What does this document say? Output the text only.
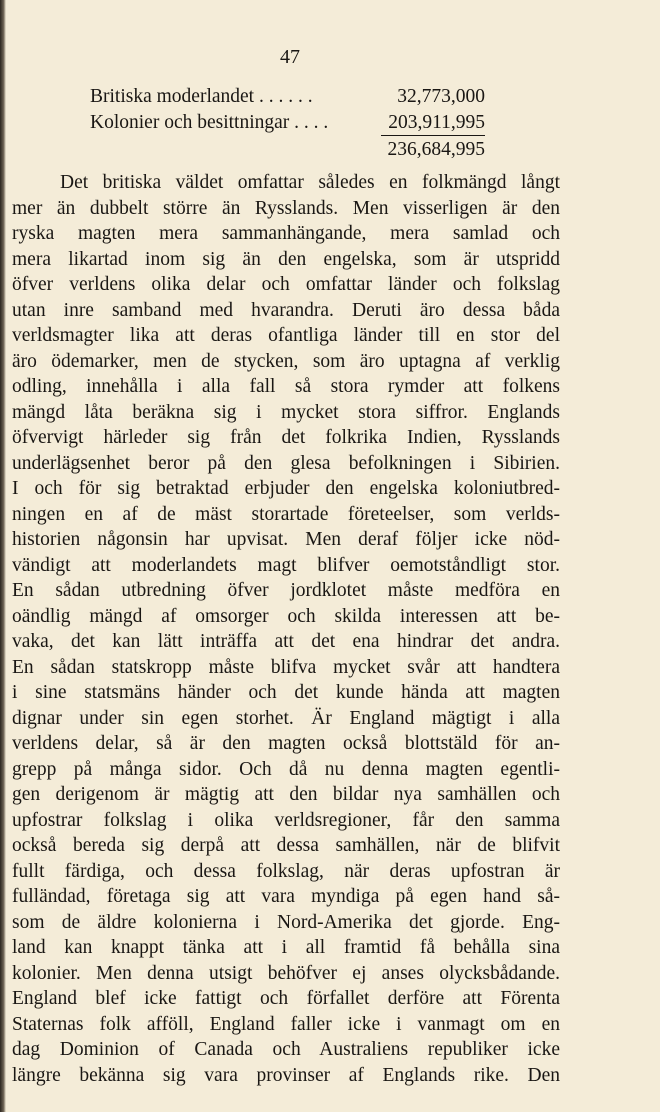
47
Britiska moderlandet . . . . . .	32,773,000
Kolonier och besittningar . . . .	203,911,995
236,684,995
Det britiska väldet omfattar således en folkmängd långt
mer än dubbelt större än Rysslands. Men visserligen är den
ryska magten mera sammanhängande, mera samlad och
mera likartad inom sig än den engelska, som är utspridd
öfver verldens olika delar och omfattar länder och folkslag
utan inre samband med hvarandra. Deruti äro dessa båda
verldsmagter lika att deras ofantliga länder till en stor del
äro ödemarker, men de stycken, som äro uptagna af verklig
odling, innehålla i alla fall så stora rymder att folkens
mängd låta beräkna sig i mycket stora siffror. Englands
öfvervigt härleder sig från det folkrika Indien, Rysslands
underlägsenhet beror på den glesa befolkningen i Sibirien.
I och för sig betraktad erbjuder den engelska koloniutbred-
ningen en af de mäst storartade företeelser, som verlds-
historien någonsin har upvisat. Men deraf följer icke nöd-
vändigt att moderlandets magt blifver oemotståndligt stor.
En sådan utbredning öfver jordklotet måste medföra en
oändlig mängd af omsorger och skilda interessen att be-
vaka, det kan lätt inträffa att det ena hindrar det andra.
En sådan statskropp måste blifva mycket svår att handtera
i sine statsmäns händer och det kunde hända att magten
dignar under sin egen storhet. Är England mägtigt i alla
verldens delar, så är den magten också blottstäld för an-
grepp på många sidor. Och då nu denna magten egentli-
gen derigenom är mägtig att den bildar nya samhällen och
upfostrar folkslag i olika verldsregioner, får den samma
också bereda sig derpå att dessa samhällen, när de blifvit
fullt färdiga, och dessa folkslag, när deras upfostran är
fulländad, företaga sig att vara myndiga på egen hand så-
som de äldre kolonierna i Nord-Amerika det gjorde. Eng-
land kan knappt tänka att i all framtid få behålla sina
kolonier. Men denna utsigt behöfver ej anses olycksbådande.
England blef icke fattigt och förfallet derföre att Förenta
Staternas folk afföll, England faller icke i vanmagt om en
dag Dominion of Canada och Australiens republiker icke
längre bekänna sig vara provinser af Englands rike. Den
